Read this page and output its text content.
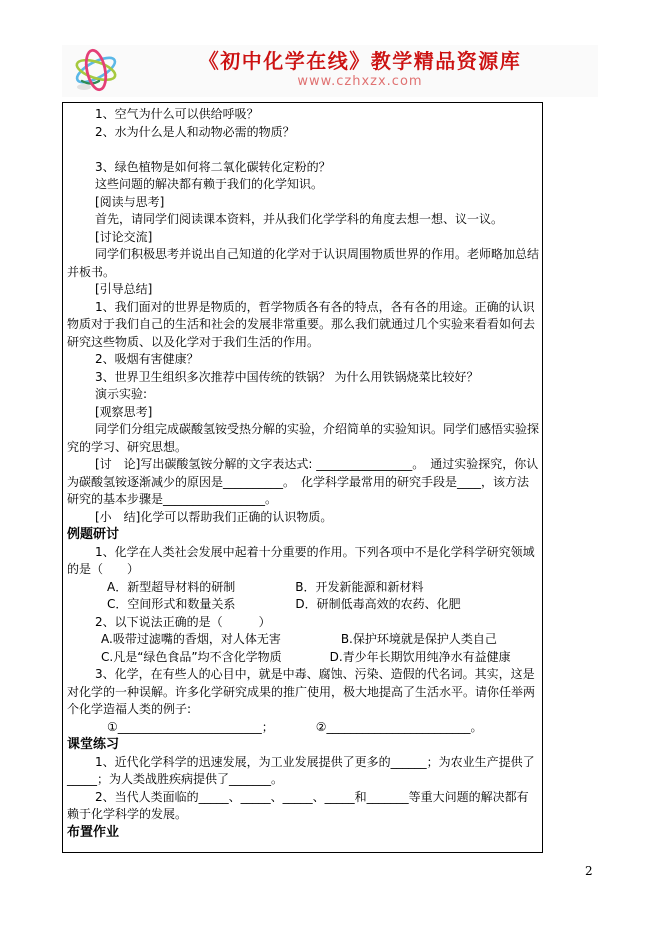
《初中化学在线》教学精品资源库
www.czhxzx.com
1、空气为什么可以供给呼吸？
2、水为什么是人和动物必需的物质？

3、绿色植物是如何将二氧化碳转化定粉的？
这些问题的解决都有赖于我们的化学知识。
[阅读与思考]
首先，请同学们阅读课本资料，并从我们化学学科的角度去想一想、议一议。
[讨论交流]
同学们积极思考并说出自己知道的化学对于认识周围物质世界的作用。老师略加总结并板书。
[引导总结]
1、我们面对的世界是物质的，哲学物质各有各的特点，各有各的用途。正确的认识物质对于我们自己的生活和社会的发展非常重要。那么我们就通过几个实验来看看如何去研究这些物质、以及化学对于我们生活的作用。
2、吸烟有害健康？
3、世界卫生组织多次推荐中国传统的铁锅？ 为什么用铁锅烧菜比较好？
演示实验:
[观察思考]
同学们分组完成碳酸氢铵受热分解的实验，介绍简单的实验知识。同学们感悟实验探究的学习、研究思想。
[讨　论]写出碳酸氢铵分解的文字表达式: ________________。　通过实验探究，你认为碳酸氢铵逐渐减少的原因是__________。　化学科学最常用的研究手段是____，该方法研究的基本步骤是_________________。
[小　结]化学可以帮助我们正确的认识物质。
例题研讨
1、化学在人类社会发展中起着十分重要的作用。下列各项中不是化学科学研究领域的是（　　）
A．新型超导材料的研制　　　　　B．开发新能源和新材料
C．空间形式和数量关系　　　　　D．研制低毒高效的农药、化肥
2、以下说法正确的是（　　　）
A.吸带过滤嘴的香烟，对人体无害　　　　　B.保护环境就是保护人类自己
C.凡是“绿色食品”均不含化学物质　　　　D.青少年长期饮用纯净水有益健康
3、化学，在有些人的心目中，就是中毒、腐蚀、污染、造假的代名词。其实，这是对化学的一种误解。许多化学研究成果的推广使用，极大地提高了生活水平。请你任举两个化学造福人类的例子:
①________________________；　　　　②________________________。
课堂练习
1、近代化学科学的迅速发展，为工业发展提供了更多的______；为农业生产提供了_____；为人类战胜疾病提供了_______。
2、当代人类面临的_____、_____、_____、_____和_______等重大问题的解决都有赖于化学科学的发展。
布置作业
2
